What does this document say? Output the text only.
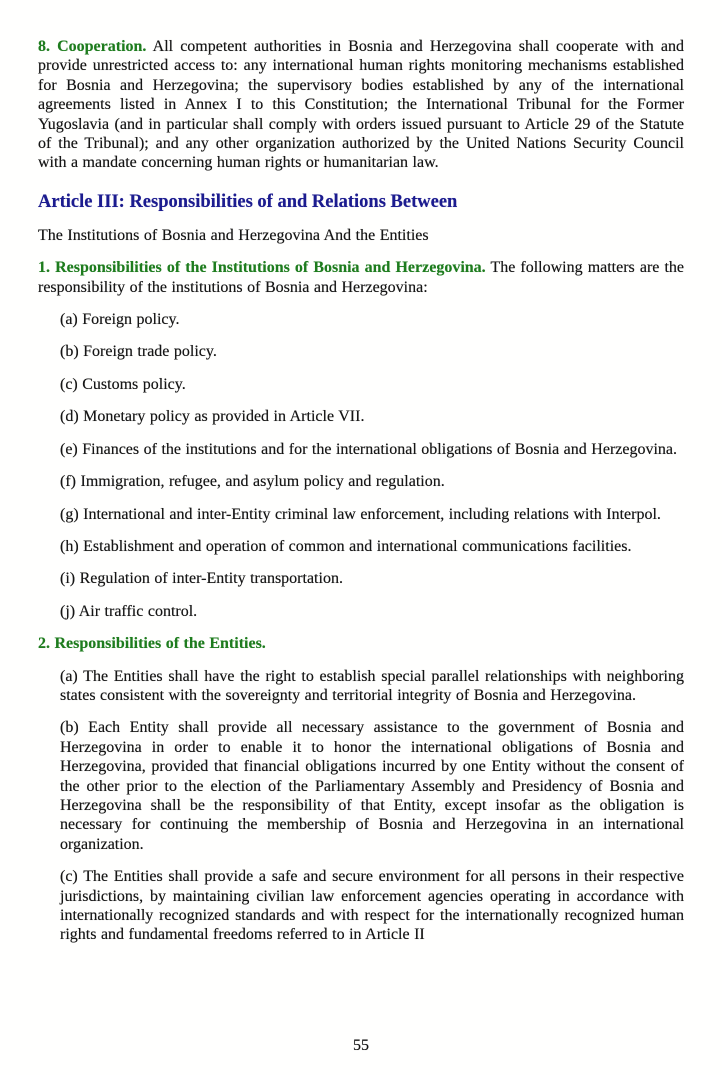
8. Cooperation. All competent authorities in Bosnia and Herzegovina shall cooperate with and provide unrestricted access to: any international human rights monitoring mechanisms established for Bosnia and Herzegovina; the supervisory bodies established by any of the international agreements listed in Annex I to this Constitution; the International Tribunal for the Former Yugoslavia (and in particular shall comply with orders issued pursuant to Article 29 of the Statute of the Tribunal); and any other organization authorized by the United Nations Security Council with a mandate concerning human rights or humanitarian law.

Article III: Responsibilities of and Relations Between

The Institutions of Bosnia and Herzegovina And the Entities

1. Responsibilities of the Institutions of Bosnia and Herzegovina. The following matters are the responsibility of the institutions of Bosnia and Herzegovina:

(a) Foreign policy.

(b) Foreign trade policy.

(c) Customs policy.

(d) Monetary policy as provided in Article VII.

(e) Finances of the institutions and for the international obligations of Bosnia and Herzegovina.

(f) Immigration, refugee, and asylum policy and regulation.

(g) International and inter-Entity criminal law enforcement, including relations with Interpol.

(h) Establishment and operation of common and international communications facilities.

(i) Regulation of inter-Entity transportation.

(j) Air traffic control.

2. Responsibilities of the Entities.

(a) The Entities shall have the right to establish special parallel relationships with neighboring states consistent with the sovereignty and territorial integrity of Bosnia and Herzegovina.

(b) Each Entity shall provide all necessary assistance to the government of Bosnia and Herzegovina in order to enable it to honor the international obligations of Bosnia and Herzegovina, provided that financial obligations incurred by one Entity without the consent of the other prior to the election of the Parliamentary Assembly and Presidency of Bosnia and Herzegovina shall be the responsibility of that Entity, except insofar as the obligation is necessary for continuing the membership of Bosnia and Herzegovina in an international organization.

(c) The Entities shall provide a safe and secure environment for all persons in their respective jurisdictions, by maintaining civilian law enforcement agencies operating in accordance with internationally recognized standards and with respect for the internationally recognized human rights and fundamental freedoms referred to in Article II

55
